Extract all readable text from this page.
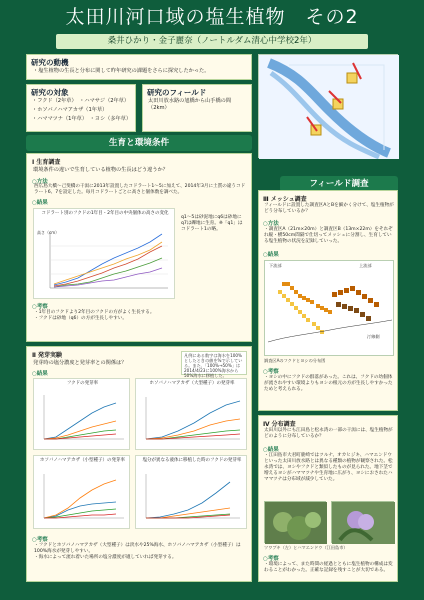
太田川河口域の塩生植物　その2
桑井ひかり・金子麗奈（ノートルダム清心中学校2年）
研究の動機
・塩生植物の生長と分布に関して昨年研究の課題をさらに探究したかった。
研究の対象
・フクド（2年草）　・ハマサジ（2年草）
・ホソバノハマアカザ（1年草）
・ハママツナ（1年草）　・ヨシ（多年草）
研究のフィールド
太田川放水路の旭橋から山手橋の間（2km）
生育と環境条件
Ⅰ 生育調査
環境条件の違いで生育している植物の生長はどう違うか？
○方法
西広島大橋～己斐橋の干潟に2013年設置したコドラート1～5に加えて、2014年3月に土質の違うコドラート6、7を設定した。毎月コドラートごとに高さと個体数を調べた。
○結果
コドラート別のフクドの1年目・2年目の中央個体の高さの変化
高さ（cm）
q1～5は砂泥地にq6は砂地にq7は礫地に生育。※「q1」はコドラート1の略。
○考察
・1年目のフクドより2年目のフクドの方がよく生長する。
・フクドは砂地（q6）の方が生長しやすい。
Ⅱ 発芽実験
発芽時の塩分濃度と発芽率との関係は？
○結果
フクドの発芽率	ホソバノハマアカザ（大型種子）の発芽率
凡例にある数字は海水を100%としたときの値を%で示している。また、「100%→50%」は2014/4/23に100%海水から50%海水に移植した。
ホソバノハマアカザ（小型種子）の発芽率	塩分が異なる液体に移植した時のフクドの発芽率
○考察
・フクドとホソバノハマアカザ（大型種子）は淡水や25%海水、ホソバノハマアカザ（小型種子）は100%海水が発芽しやすい。
・海水によって流れ着いた場所の塩分濃度が適していれば発芽する。
フィールド調査
Ⅲ メッシュ調査
フィールドに設置した調査区AとBを細かく分けて、塩生植物がどう分布しているか？
○方法
・調査区A（21m×20m）と調査区B（13m×22m）をそれぞれ縦・横50cm間隔で仕切ってメッシュに分割し、生育している塩生植物の状況を記録していった。
○結果
下流部	上流部
汀線側
調査区Aのフクドとヨシの分布図
○考察
・ヨシの中にフクドの群落があった。これは、フクドの幼個体が流されやすい環境よりもヨシの根元の方が生長しやすかったためと考えられる。
Ⅳ 分布調査
太田川以外にも江田島と松永湾の一部の干潟には、塩生植物がどのように分布しているか？
○結果
・江田島市大君町鹿崎ではツルナ、オカヒジキ、ハマエンドウといった太田川放水路とは異なる種類の植物が観察された。松永湾では、ヨシやフクドと類似したものが見られた。地下茎で増えるヨシがハママツナや生育地に広がり、ヨシにおされたハママツナは分布域が減少していた。
ツワブキ（左）とハマエンドウ（江田島市）
○考察
・環境によって、また時間の経過とともに塩生植物の構成は変わることがわかった。正確な記録を残すことが大切である。
